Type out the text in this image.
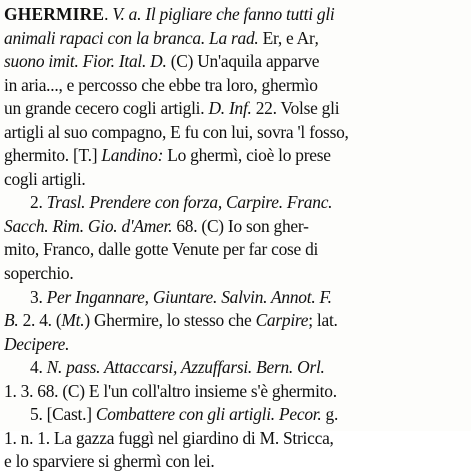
GHERMIRE. V. a. Il pigliare che fanno tutti gli
animali rapaci con la branca. La rad. Er, e Ar,
suono imit. Fior. Ital. D. (C) Un'aquila apparve
in aria..., e percosso che ebbe tra loro, ghermìo
un grande cecero cogli artigli. D. Inf. 22. Volse gli
artigli al suo compagno, E fu con lui, sovra 'l fosso,
ghermito. [T.] Landino: Lo ghermì, cioè lo prese
cogli artigli.
2. Trasl. Prendere con forza, Carpire. Franc.
Sacch. Rim. Gio. d'Amer. 68. (C) Io son gher-
mito, Franco, dalle gotte Venute per far cose di
soperchio.
3. Per Ingannare, Giuntare. Salvin. Annot. F.
B. 2. 4. (Mt.) Ghermire, lo stesso che Carpire; lat.
Decipere.
4. N. pass. Attaccarsi, Azzuffarsi. Bern. Orl.
1. 3. 68. (C) E l'un coll'altro insieme s'è ghermito.
5. [Cast.] Combattere con gli artigli. Pecor. g.
1. n. 1. La gazza fuggì nel giardino di M. Stricca,
e lo sparviere si ghermì con lei.
